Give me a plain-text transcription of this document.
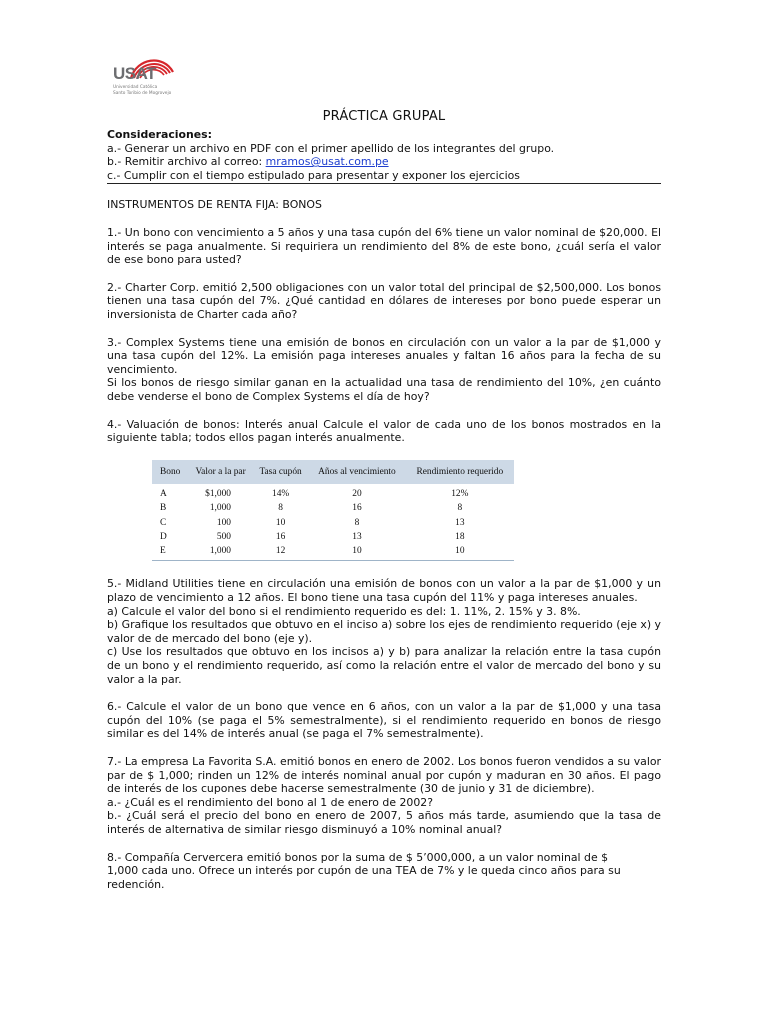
USAT
Universidad Católica
Santo Toribio de Mogrovejo
PRÁCTICA GRUPAL
Consideraciones:
a.- Generar un archivo en PDF con el primer apellido de los integrantes del grupo.
b.- Remitir archivo al correo: mramos@usat.com.pe
c.- Cumplir con el tiempo estipulado para presentar y exponer los ejercicios
INSTRUMENTOS DE RENTA FIJA: BONOS
1.- Un bono con vencimiento a 5 años y una tasa cupón del 6% tiene un valor nominal de $20,000. El interés se paga anualmente. Si requiriera un rendimiento del 8% de este bono, ¿cuál sería el valor de ese bono para usted?
2.- Charter Corp. emitió 2,500 obligaciones con un valor total del principal de $2,500,000. Los bonos tienen una tasa cupón del 7%. ¿Qué cantidad en dólares de intereses por bono puede esperar un inversionista de Charter cada año?
3.- Complex Systems tiene una emisión de bonos en circulación con un valor a la par de $1,000 y una tasa cupón del 12%. La emisión paga intereses anuales y faltan 16 años para la fecha de su vencimiento.
Si los bonos de riesgo similar ganan en la actualidad una tasa de rendimiento del 10%, ¿en cuánto debe venderse el bono de Complex Systems el día de hoy?
4.- Valuación de bonos: Interés anual Calcule el valor de cada uno de los bonos mostrados en la siguiente tabla; todos ellos pagan interés anualmente.
Bono	Valor a la par	Tasa cupón	Años al vencimiento	Rendimiento requerido
A	$1,000	14%	20	12%
B	1,000	8	16	8
C	100	10	8	13
D	500	16	13	18
E	1,000	12	10	10
5.- Midland Utilities tiene en circulación una emisión de bonos con un valor a la par de $1,000 y un plazo de vencimiento a 12 años. El bono tiene una tasa cupón del 11% y paga intereses anuales.
a) Calcule el valor del bono si el rendimiento requerido es del: 1. 11%, 2. 15% y 3. 8%.
b) Grafique los resultados que obtuvo en el inciso a) sobre los ejes de rendimiento requerido (eje x) y valor de de mercado del bono (eje y).
c) Use los resultados que obtuvo en los incisos a) y b) para analizar la relación entre la tasa cupón de un bono y el rendimiento requerido, así como la relación entre el valor de mercado del bono y su valor a la par.
6.- Calcule el valor de un bono que vence en 6 años, con un valor a la par de $1,000 y una tasa cupón del 10% (se paga el 5% semestralmente), si el rendimiento requerido en bonos de riesgo similar es del 14% de interés anual (se paga el 7% semestralmente).
7.- La empresa La Favorita S.A. emitió bonos en enero de 2002. Los bonos fueron vendidos a su valor par de $ 1,000; rinden un 12% de interés nominal anual por cupón y maduran en 30 años. El pago de interés de los cupones debe hacerse semestralmente (30 de junio y 31 de diciembre).
a.- ¿Cuál es el rendimiento del bono al 1 de enero de 2002?
b.- ¿Cuál será el precio del bono en enero de 2007, 5 años más tarde, asumiendo que la tasa de interés de alternativa de similar riesgo disminuyó a 10% nominal anual?
8.- Compañía Cervercera emitió bonos por la suma de $ 5’000,000, a un valor nominal de $
1,000 cada uno. Ofrece un interés por cupón de una TEA de 7% y le queda cinco años para su
redención.
